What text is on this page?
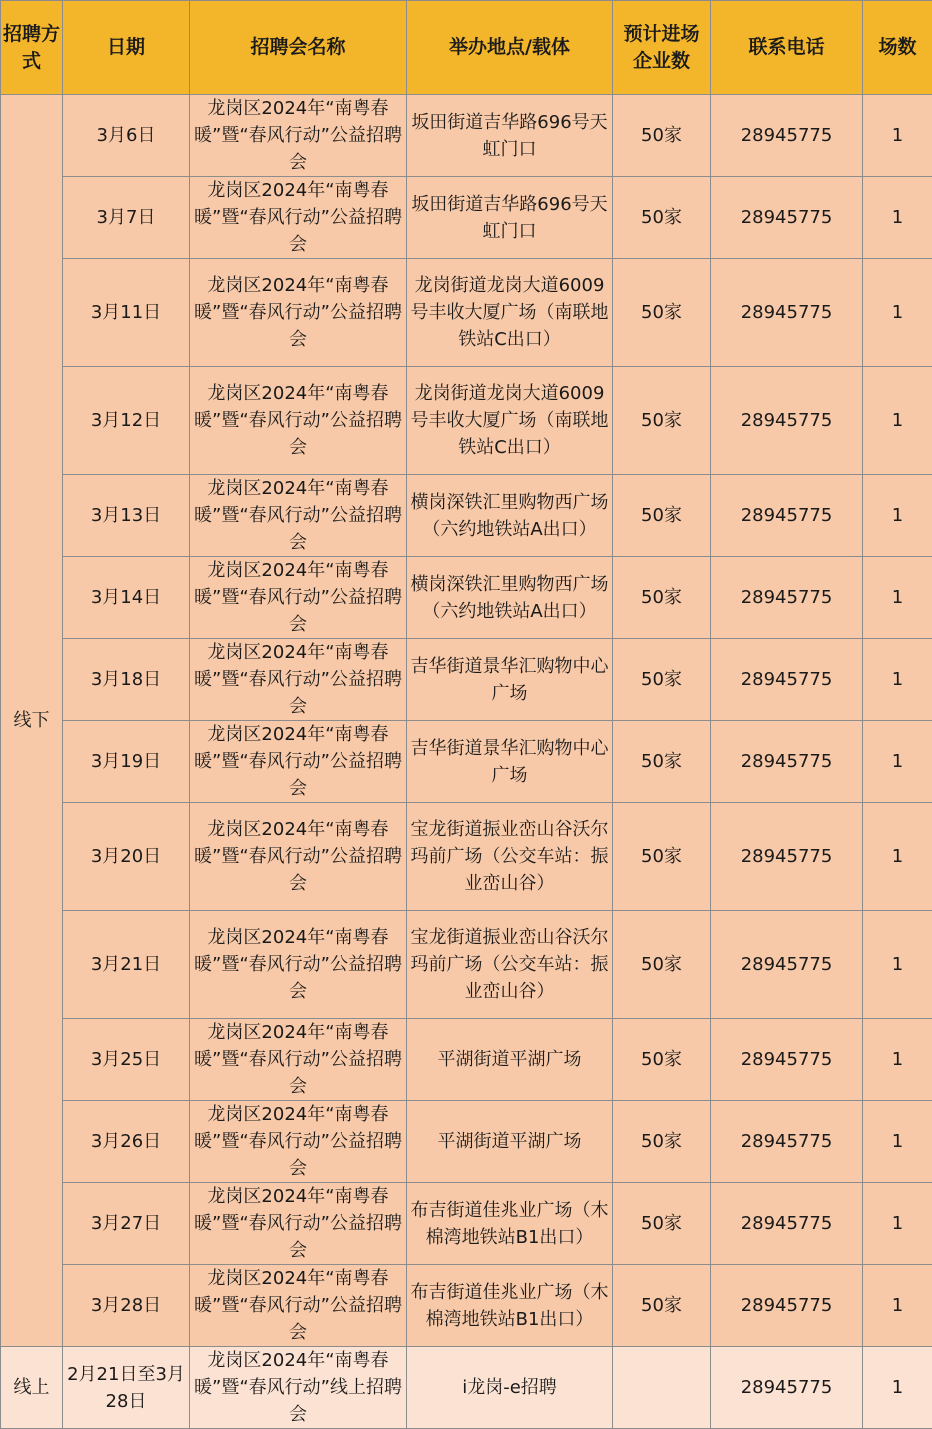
招聘方式	日期	招聘会名称	举办地点/载体	预计进场企业数	联系电话	场数
线下	3月6日	龙岗区2024年“南粤春暖”暨“春风行动”公益招聘会	坂田街道吉华路696号天虹门口	50家	28945775	1
	3月7日	龙岗区2024年“南粤春暖”暨“春风行动”公益招聘会	坂田街道吉华路696号天虹门口	50家	28945775	1
	3月11日	龙岗区2024年“南粤春暖”暨“春风行动”公益招聘会	龙岗街道龙岗大道6009号丰收大厦广场（南联地铁站C出口）	50家	28945775	1
	3月12日	龙岗区2024年“南粤春暖”暨“春风行动”公益招聘会	龙岗街道龙岗大道6009号丰收大厦广场（南联地铁站C出口）	50家	28945775	1
	3月13日	龙岗区2024年“南粤春暖”暨“春风行动”公益招聘会	横岗深铁汇里购物西广场（六约地铁站A出口）	50家	28945775	1
	3月14日	龙岗区2024年“南粤春暖”暨“春风行动”公益招聘会	横岗深铁汇里购物西广场（六约地铁站A出口）	50家	28945775	1
	3月18日	龙岗区2024年“南粤春暖”暨“春风行动”公益招聘会	吉华街道景华汇购物中心广场	50家	28945775	1
	3月19日	龙岗区2024年“南粤春暖”暨“春风行动”公益招聘会	吉华街道景华汇购物中心广场	50家	28945775	1
	3月20日	龙岗区2024年“南粤春暖”暨“春风行动”公益招聘会	宝龙街道振业峦山谷沃尔玛前广场（公交车站：振业峦山谷）	50家	28945775	1
	3月21日	龙岗区2024年“南粤春暖”暨“春风行动”公益招聘会	宝龙街道振业峦山谷沃尔玛前广场（公交车站：振业峦山谷）	50家	28945775	1
	3月25日	龙岗区2024年“南粤春暖”暨“春风行动”公益招聘会	平湖街道平湖广场	50家	28945775	1
	3月26日	龙岗区2024年“南粤春暖”暨“春风行动”公益招聘会	平湖街道平湖广场	50家	28945775	1
	3月27日	龙岗区2024年“南粤春暖”暨“春风行动”公益招聘会	布吉街道佳兆业广场（木棉湾地铁站B1出口）	50家	28945775	1
	3月28日	龙岗区2024年“南粤春暖”暨“春风行动”公益招聘会	布吉街道佳兆业广场（木棉湾地铁站B1出口）	50家	28945775	1
线上	2月21日至3月28日	龙岗区2024年“南粤春暖”暨“春风行动”线上招聘会	i龙岗-e招聘		28945775	1
